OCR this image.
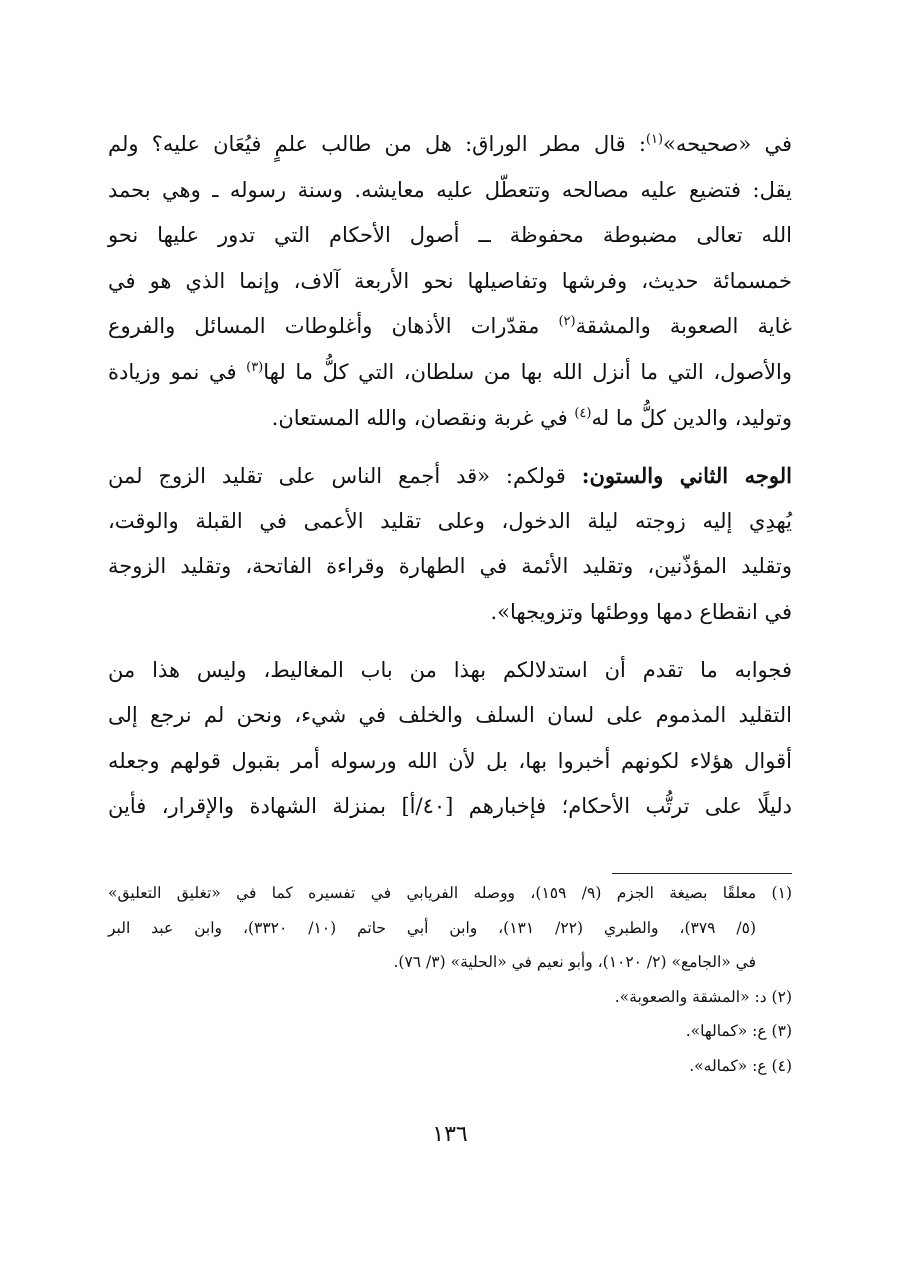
في «صحيحه»$^{(١)}$: قال مطر الوراق: هل من طالب علمٍ فيُعَان عليه؟ ولم
يقل: فتضيع عليه مصالحه وتتعطّل عليه معايشه. وسنة رسوله ـ وهي بحمد
الله تعالى مضبوطة محفوظة ــ أصول الأحكام التي تدور عليها نحو
خمسمائة حديث، وفرشها وتفاصيلها نحو الأربعة آلاف، وإنما الذي هو في
غاية الصعوبة والمشقة$^{(٢)}$ مقدّرات الأذهان وأغلوطات المسائل والفروع
والأصول، التي ما أنزل الله بها من سلطان، التي كلُّ ما لها$^{(٣)}$ في نمو وزيادة
وتوليد، والدين كلُّ ما له$^{(٤)}$ في غربة ونقصان، والله المستعان.
الوجه الثاني والستون: قولكم: «قد أجمع الناس على تقليد الزوج لمن
يُهدِي إليه زوجته ليلة الدخول، وعلى تقليد الأعمى في القبلة والوقت،
وتقليد المؤذّنين، وتقليد الأئمة في الطهارة وقراءة الفاتحة، وتقليد الزوجة
في انقطاع دمها ووطئها وتزويجها».
فجوابه ما تقدم أن استدلالكم بهذا من باب المغاليط، وليس هذا من
التقليد المذموم على لسان السلف والخلف في شيء، ونحن لم نرجع إلى
أقوال هؤلاء لكونهم أخبروا بها، بل لأن الله ورسوله أمر بقبول قولهم وجعله
دليلًا على ترتُّب الأحكام؛ فإخبارهم [٤٠/أ] بمنزلة الشهادة والإقرار، فأين
(١) معلقًا بصيغة الجزم (٩/ ١٥٩)، ووصله الفريابي في تفسيره كما في «تغليق التعليق»
(٥/ ٣٧٩)، والطبري (٢٢/ ١٣١)، وابن أبي حاتم (١٠/ ٣٣٢٠)، وابن عبد البر
في «الجامع» (٢/ ١٠٢٠)، وأبو نعيم في «الحلية» (٣/ ٧٦).
(٢) د: «المشقة والصعوبة».
(٣) ع: «كمالها».
(٤) ع: «كماله».
١٣٦
